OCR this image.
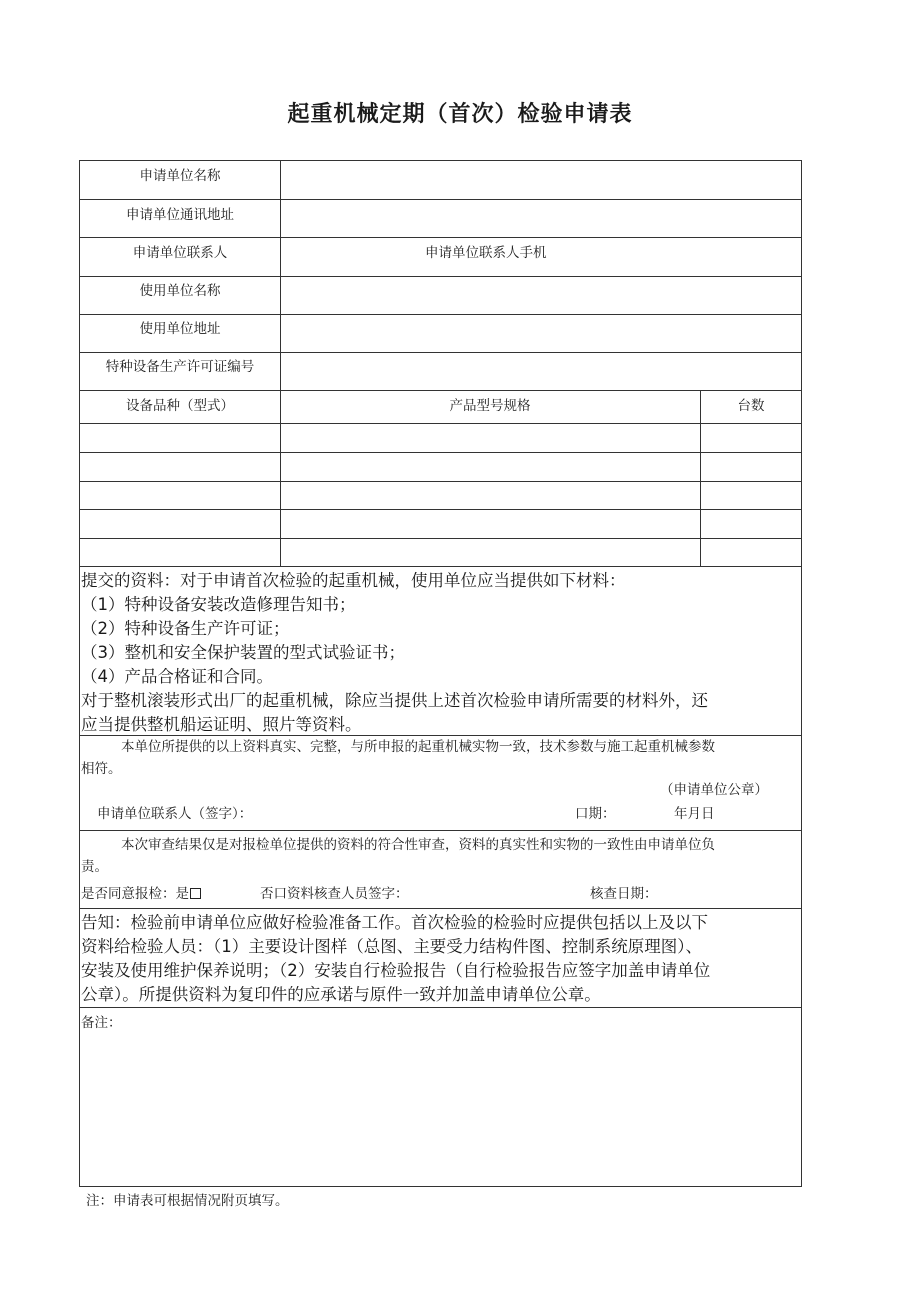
起重机械定期（首次）检验申请表
申请单位名称
申请单位通讯地址
申请单位联系人	申请单位联系人手机
使用单位名称
使用单位地址
特种设备生产许可证编号
设备品种（型式）	产品型号规格	台数
提交的资料：对于申请首次检验的起重机械，使用单位应当提供如下材料：
（1）特种设备安装改造修理告知书；
（2）特种设备生产许可证；
（3）整机和安全保护装置的型式试验证书；
（4）产品合格证和合同。
对于整机滚装形式出厂的起重机械，除应当提供上述首次检验申请所需要的材料外，还
应当提供整机船运证明、照片等资料。
本单位所提供的以上资料真实、完整，与所申报的起重机械实物一致，技术参数与施工起重机械参数
相符。
（申请单位公章）
申请单位联系人（签字）：	口期：	年月日
本次审查结果仅是对报检单位提供的资料的符合性审查，资料的真实性和实物的一致性由申请单位负
责。
是否同意报检：是	否口资料核查人员签字：	核查日期：
告知：检验前申请单位应做好检验准备工作。首次检验的检验时应提供包括以上及以下
资料给检验人员：（1）主要设计图样（总图、主要受力结构件图、控制系统原理图）、
安装及使用维护保养说明；（2）安装自行检验报告（自行检验报告应签字加盖申请单位
公章）。所提供资料为复印件的应承诺与原件一致并加盖申请单位公章。
备注：
注：申请表可根据情况附页填写。
